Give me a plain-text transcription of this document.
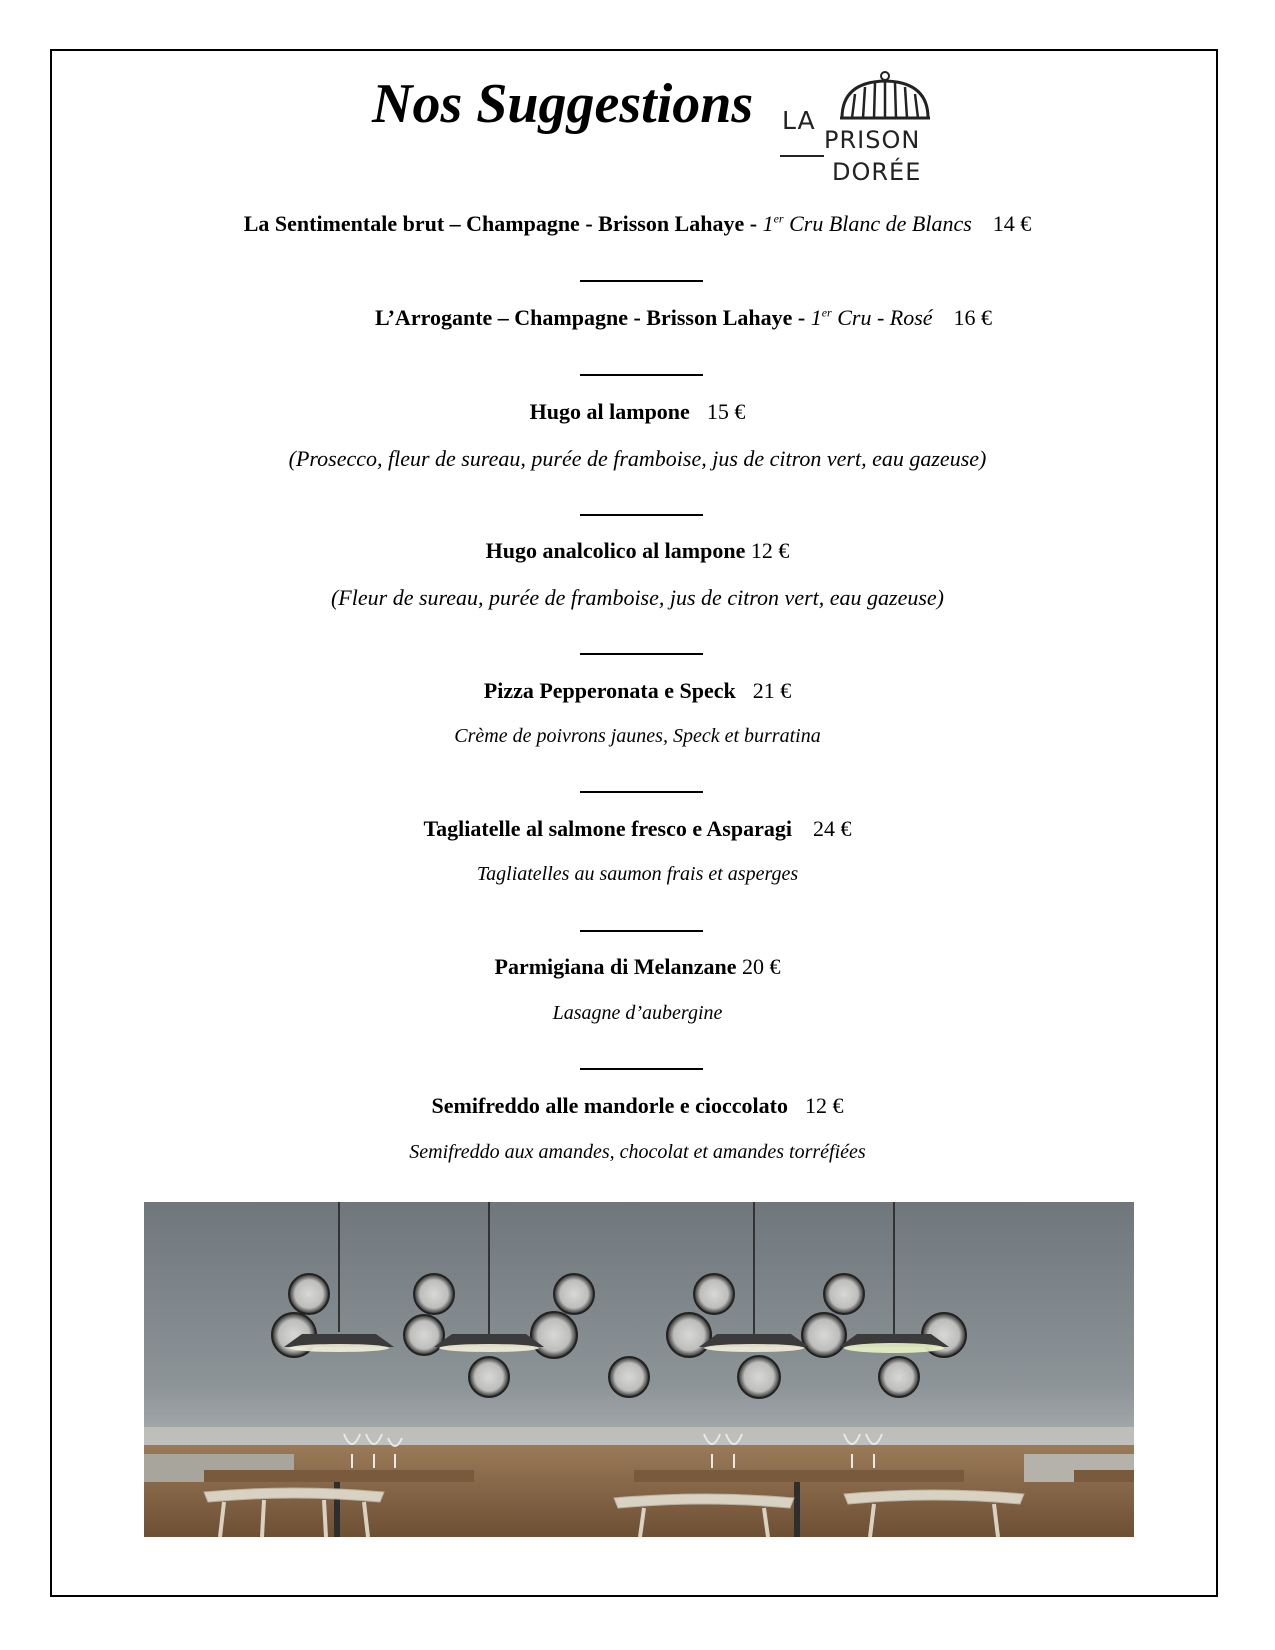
Nos Suggestions LA
PRISON
DORÉE
La Sentimentale brut – Champagne - Brisson Lahaye - 1er Cru Blanc de Blancs 14 €
L’Arrogante – Champagne - Brisson Lahaye - 1er Cru - Rosé 16 €
Hugo al lampone 15 €
(Prosecco, fleur de sureau, purée de framboise, jus de citron vert, eau gazeuse)
Hugo analcolico al lampone 12 €
(Fleur de sureau, purée de framboise, jus de citron vert, eau gazeuse)
Pizza Pepperonata e Speck 21 €
Crème de poivrons jaunes, Speck et burratina
Tagliatelle al salmone fresco e Asparagi 24 €
Tagliatelles au saumon frais et asperges
Parmigiana di Melanzane 20 €
Lasagne d’aubergine
Semifreddo alle mandorle e cioccolato 12 €
Semifreddo aux amandes, chocolat et amandes torréfiées
